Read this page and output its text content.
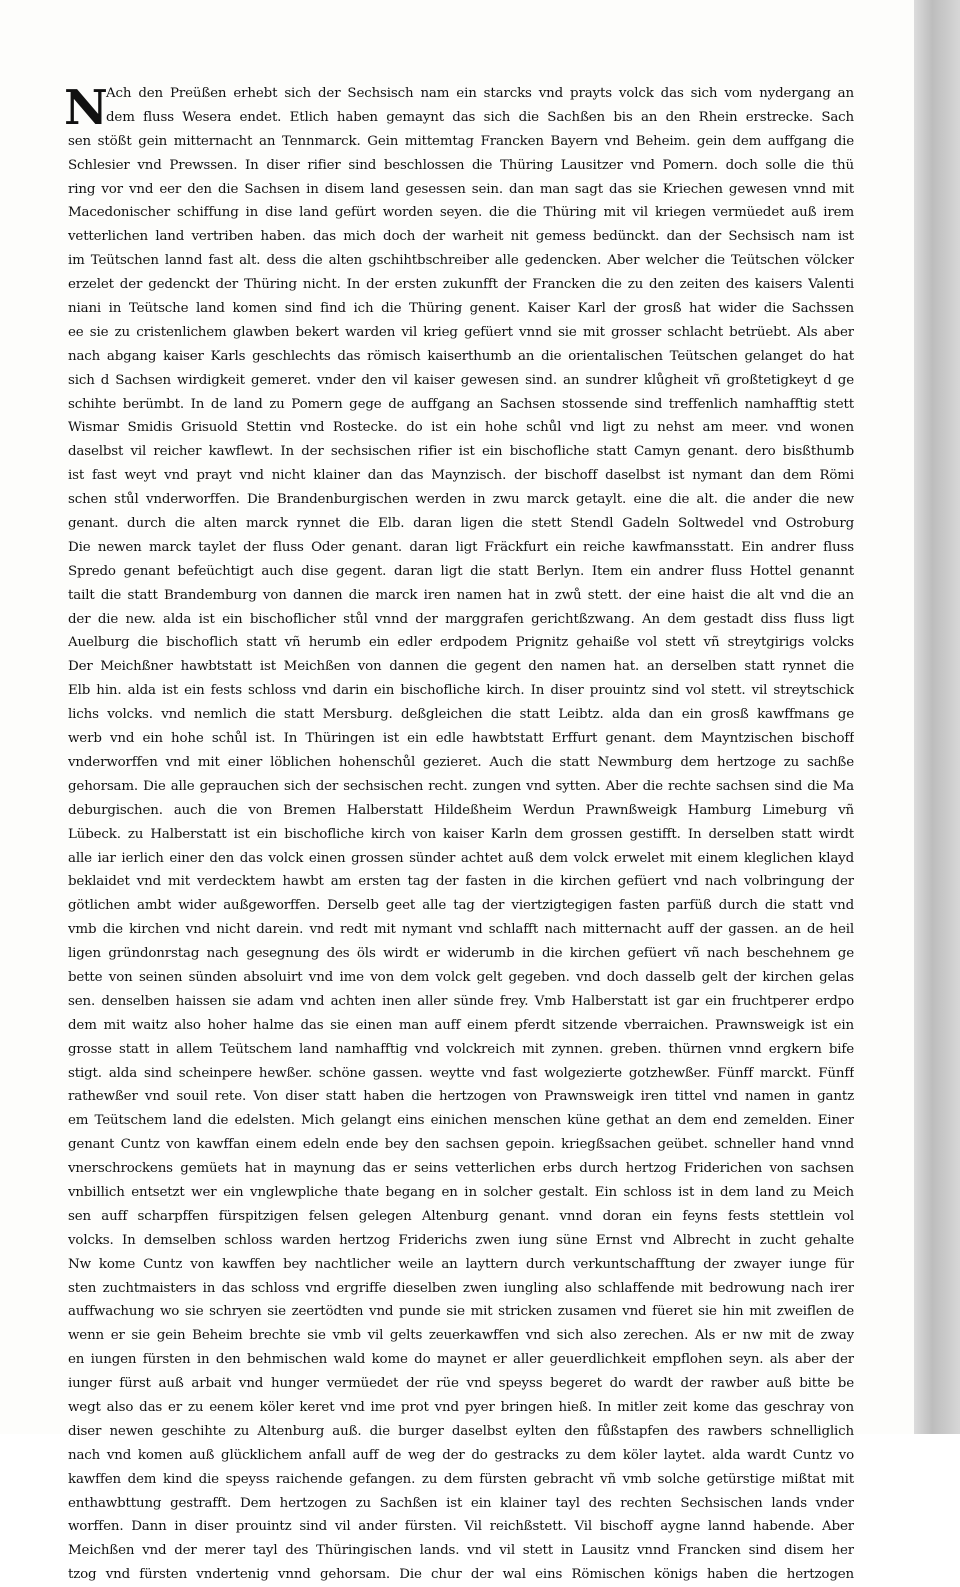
N
Ach den Preüßen erhebt sich der Sechsisch nam ein starcks vnd prayts volck das sich vom nydergang an
dem fluss Wesera endet. Etlich haben gemaynt das sich die Sachßen bis an den Rhein erstrecke. Sach
sen stößt gein mitternacht an Tennmarck. Gein mittemtag Francken Bayern vnd Beheim. gein dem auffgang die
Schlesier vnd Prewssen. In diser rifier sind beschlossen die Thüring Lausitzer vnd Pomern. doch solle die thü
ring vor vnd eer den die Sachsen in disem land gesessen sein. dan man sagt das sie Kriechen gewesen vnnd mit
Macedonischer schiffung in dise land gefürt worden seyen. die die Thüring mit vil kriegen vermüedet auß irem
vetterlichen land vertriben haben. das mich doch der warheit nit gemess bedünckt. dan der Sechsisch nam ist
im Teütschen lannd fast alt. dess die alten gschihtbschreiber alle gedencken. Aber welcher die Teütschen völcker
erzelet der gedenckt der Thüring nicht. In der ersten zukunfft der Francken die zu den zeiten des kaisers Valenti
niani in Teütsche land komen sind find ich die Thüring genent. Kaiser Karl der grosß hat wider die Sachssen
ee sie zu cristenlichem glawben bekert warden vil krieg gefüert vnnd sie mit grosser schlacht betrüebt. Als aber
nach abgang kaiser Karls geschlechts das römisch kaiserthumb an die orientalischen Teütschen gelanget do hat
sich d Sachsen wirdigkeit gemeret. vnder den vil kaiser gewesen sind. an sundrer klůgheit vñ großtetigkeyt d ge
schihte berümbt. In de land zu Pomern gege de auffgang an Sachsen stossende sind treffenlich namhafftig stett
Wismar Smidis Grisuold Stettin vnd Rostecke. do ist ein hohe schůl vnd ligt zu nehst am meer. vnd wonen
daselbst vil reicher kawflewt. In der sechsischen rifier ist ein bischofliche statt Camyn genant. dero bisßthumb
ist fast weyt vnd prayt vnd nicht klainer dan das Maynzisch. der bischoff daselbst ist nymant dan dem Römi
schen stůl vnderworffen. Die Brandenburgischen werden in zwu marck getaylt. eine die alt. die ander die new
genant. durch die alten marck rynnet die Elb. daran ligen die stett Stendl Gadeln Soltwedel vnd Ostroburg
Die newen marck taylet der fluss Oder genant. daran ligt Fräckfurt ein reiche kawfmansstatt. Ein andrer fluss
Spredo genant befeüchtigt auch dise gegent. daran ligt die statt Berlyn. Item ein andrer fluss Hottel genannt
tailt die statt Brandemburg von dannen die marck iren namen hat in zwů stett. der eine haist die alt vnd die an
der die new. alda ist ein bischoflicher stůl vnnd der marggrafen gerichtßzwang. An dem gestadt diss fluss ligt
Auelburg die bischoflich statt vñ herumb ein edler erdpodem Prignitz gehaiße vol stett vñ streytgirigs volcks
Der Meichßner hawbtstatt ist Meichßen von dannen die gegent den namen hat. an derselben statt rynnet die
Elb hin. alda ist ein fests schloss vnd darin ein bischofliche kirch. In diser prouintz sind vol stett. vil streytschick
lichs volcks. vnd nemlich die statt Mersburg. deßgleichen die statt Leibtz. alda dan ein grosß kawffmans ge
werb vnd ein hohe schůl ist. In Thüringen ist ein edle hawbtstatt Erffurt genant. dem Mayntzischen bischoff
vnderworffen vnd mit einer löblichen hohenschůl gezieret. Auch die statt Newmburg dem hertzoge zu sachße
gehorsam. Die alle geprauchen sich der sechsischen recht. zungen vnd sytten. Aber die rechte sachsen sind die Ma
deburgischen. auch die von Bremen Halberstatt Hildeßheim Werdun Prawnßweigk Hamburg Limeburg vñ
Lübeck. zu Halberstatt ist ein bischofliche kirch von kaiser Karln dem grossen gestifft. In derselben statt wirdt
alle iar ierlich einer den das volck einen grossen sünder achtet auß dem volck erwelet mit einem kleglichen klayd
beklaidet vnd mit verdecktem hawbt am ersten tag der fasten in die kirchen gefüert vnd nach volbringung der
götlichen ambt wider außgeworffen. Derselb geet alle tag der viertzigtegigen fasten parfüß durch die statt vnd
vmb die kirchen vnd nicht darein. vnd redt mit nymant vnd schlafft nach mitternacht auff der gassen. an de heil
ligen gründonrstag nach gesegnung des öls wirdt er widerumb in die kirchen gefüert vñ nach beschehnem ge
bette von seinen sünden absoluirt vnd ime von dem volck gelt gegeben. vnd doch dasselb gelt der kirchen gelas
sen. denselben haissen sie adam vnd achten inen aller sünde frey. Vmb Halberstatt ist gar ein fruchtperer erdpo
dem mit waitz also hoher halme das sie einen man auff einem pferdt sitzende vberraichen. Prawnsweigk ist ein
grosse statt in allem Teütschem land namhafftig vnd volckreich mit zynnen. greben. thürnen vnnd ergkern bife
stigt. alda sind scheinpere hewßer. schöne gassen. weytte vnd fast wolgezierte gotzhewßer. Fünff marckt. Fünff
rathewßer vnd souil rete. Von diser statt haben die hertzogen von Prawnsweigk iren tittel vnd namen in gantz
em Teütschem land die edelsten. Mich gelangt eins einichen menschen küne gethat an dem end zemelden. Einer
genant Cuntz von kawffan einem edeln ende bey den sachsen gepoin. kriegßsachen geübet. schneller hand vnnd
vnerschrockens gemüets hat in maynung das er seins vetterlichen erbs durch hertzog Friderichen von sachsen
vnbillich entsetzt wer ein vnglewpliche thate begang en in solcher gestalt. Ein schloss ist in dem land zu Meich
sen auff scharpffen fürspitzigen felsen gelegen Altenburg genant. vnnd doran ein feyns fests stettlein vol
volcks. In demselben schloss warden hertzog Friderichs zwen iung süne Ernst vnd Albrecht in zucht gehalte
Nw kome Cuntz von kawffen bey nachtlicher weile an layttern durch verkuntschafftung der zwayer iunge für
sten zuchtmaisters in das schloss vnd ergriffe dieselben zwen iungling also schlaffende mit bedrowung nach irer
auffwachung wo sie schryen sie zeertödten vnd punde sie mit stricken zusamen vnd füeret sie hin mit zweiflen de
wenn er sie gein Beheim brechte sie vmb vil gelts zeuerkawffen vnd sich also zerechen. Als er nw mit de zway
en iungen fürsten in den behmischen wald kome do maynet er aller geuerdlichkeit empflohen seyn. als aber der
iunger fürst auß arbait vnd hunger vermüedet der rüe vnd speyss begeret do wardt der rawber auß bitte be
wegt also das er zu eenem köler keret vnd ime prot vnd pyer bringen hieß. In mitler zeit kome das geschray von
diser newen geschihte zu Altenburg auß. die burger daselbst eylten den fůßstapfen des rawbers schnelliglich
nach vnd komen auß glücklichem anfall auff de weg der do gestracks zu dem köler laytet. alda wardt Cuntz vo
kawffen dem kind die speyss raichende gefangen. zu dem fürsten gebracht vñ vmb solche getürstige mißtat mit
enthawbttung gestrafft. Dem hertzogen zu Sachßen ist ein klainer tayl des rechten Sechsischen lands vnder
worffen. Dann in diser prouintz sind vil ander fürsten. Vil reichßstett. Vil bischoff aygne lannd habende. Aber
Meichßen vnd der merer tayl des Thüringischen lands. vnd vil stett in Lausitz vnnd Francken sind disem her
tzog vnd fürsten vndertenig vnnd gehorsam. Die chur der wal eins Römischen königs haben die hertzogen
